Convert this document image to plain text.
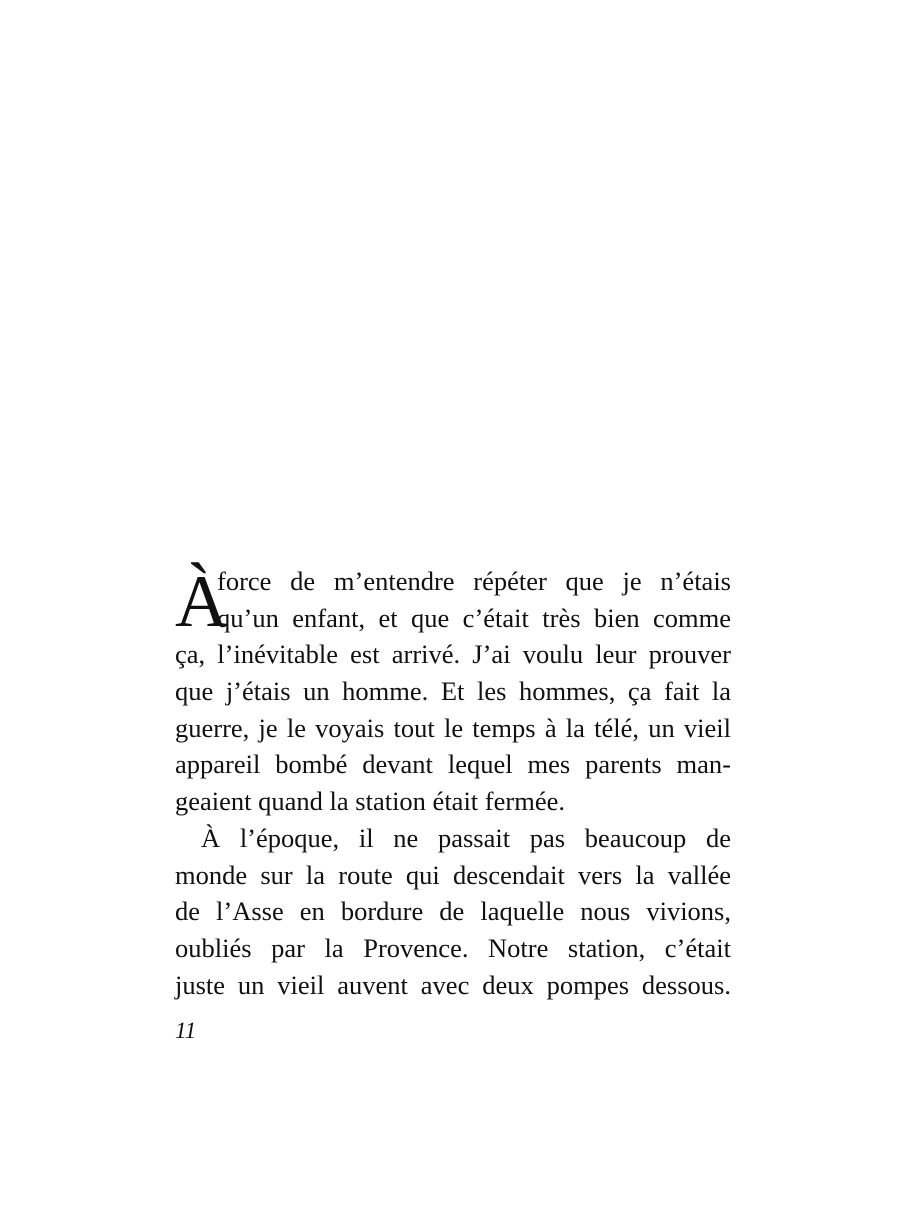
À
force de m’entendre répéter que je n’étais
qu’un enfant, et que c’était très bien comme
ça, l’inévitable est arrivé. J’ai voulu leur prouver
que j’étais un homme. Et les hommes, ça fait la
guerre, je le voyais tout le temps à la télé, un vieil
appareil bombé devant lequel mes parents man-
geaient quand la station était fermée.
À l’époque, il ne passait pas beaucoup de
monde sur la route qui descendait vers la vallée
de l’Asse en bordure de laquelle nous vivions,
oubliés par la Provence. Notre station, c’était
juste un vieil auvent avec deux pompes dessous.
11
